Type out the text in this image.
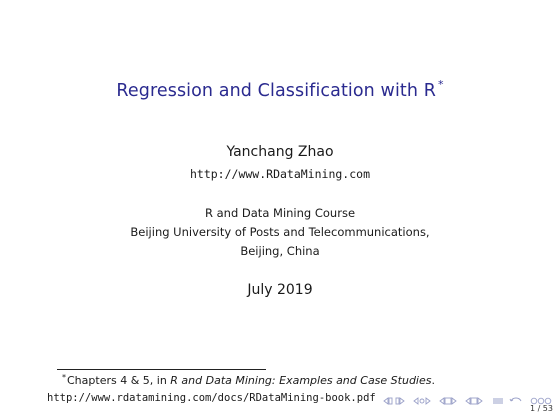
Regression and Classification with R *
Yanchang Zhao
http://www.RDataMining.com
R and Data Mining Course
Beijing University of Posts and Telecommunications,
Beijing, China
July 2019
*Chapters 4 & 5, in R and Data Mining: Examples and Case Studies.
http://www.rdatamining.com/docs/RDataMining-book.pdf
1 / 53
